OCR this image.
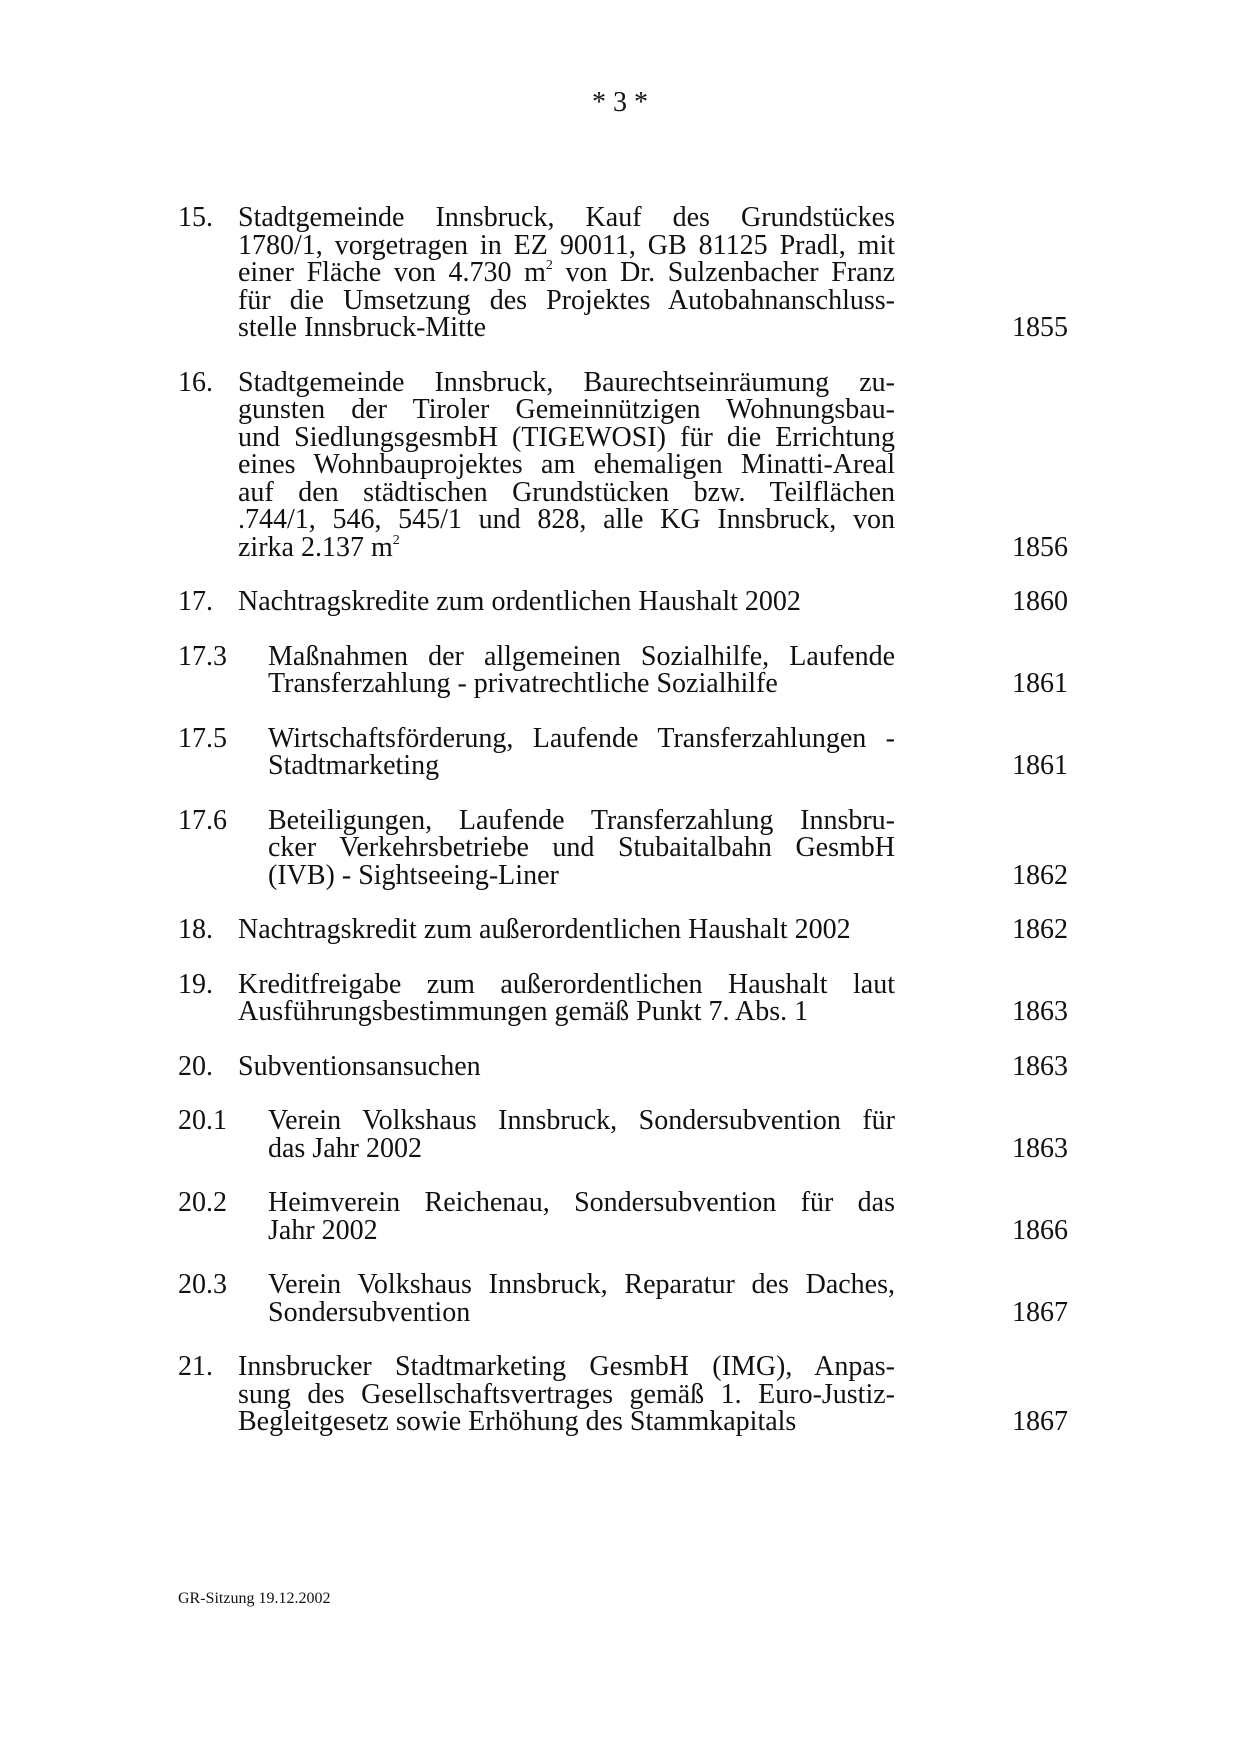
* 3 *
15. Stadtgemeinde Innsbruck, Kauf des Grundstückes
1780/1, vorgetragen in EZ 90011, GB 81125 Pradl, mit
einer Fläche von 4.730 $m^2$ von Dr. Sulzenbacher Franz
für die Umsetzung des Projektes Autobahnanschluss-
stelle Innsbruck-Mitte	1855
16. Stadtgemeinde Innsbruck, Baurechtseinräumung zu-
gunsten der Tiroler Gemeinnützigen Wohnungsbau-
und SiedlungsgesmbH (TIGEWOSI) für die Errichtung
eines Wohnbauprojektes am ehemaligen Minatti-Areal
auf den städtischen Grundstücken bzw. Teilflächen
.744/1, 546, 545/1 und 828, alle KG Innsbruck, von
zirka 2.137 $m^2$	1856
17. Nachtragskredite zum ordentlichen Haushalt 2002	1860
17.3	Maßnahmen der allgemeinen Sozialhilfe, Laufende
Transferzahlung - privatrechtliche Sozialhilfe	1861
17.5	Wirtschaftsförderung, Laufende Transferzahlungen -
Stadtmarketing	1861
17.6	Beteiligungen, Laufende Transferzahlung Innsbru-
cker Verkehrsbetriebe und Stubaitalbahn GesmbH
(IVB) - Sightseeing-Liner	1862
18. Nachtragskredit zum außerordentlichen Haushalt 2002	1862
19. Kreditfreigabe zum außerordentlichen Haushalt laut
Ausführungsbestimmungen gemäß Punkt 7. Abs. 1	1863
20. Subventionsansuchen	1863
20.1	Verein Volkshaus Innsbruck, Sondersubvention für
das Jahr 2002	1863
20.2	Heimverein Reichenau, Sondersubvention für das
Jahr 2002	1866
20.3	Verein Volkshaus Innsbruck, Reparatur des Daches,
Sondersubvention	1867
21. Innsbrucker Stadtmarketing GesmbH (IMG), Anpas-
sung des Gesellschaftsvertrages gemäß 1. Euro-Justiz-
Begleitgesetz sowie Erhöhung des Stammkapitals	1867
GR-Sitzung 19.12.2002
